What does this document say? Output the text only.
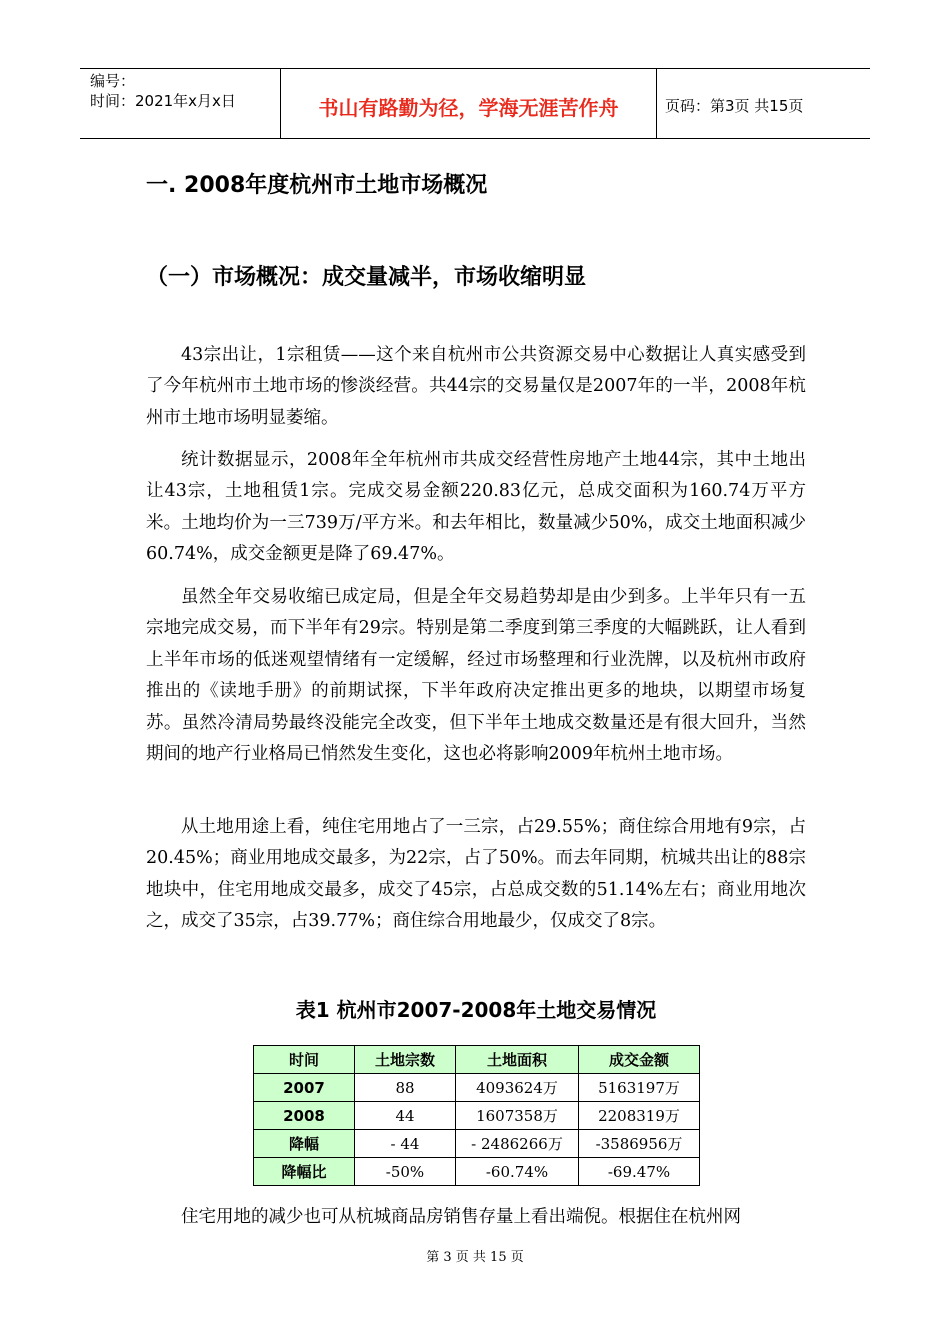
编号：
时间：2021年x月x日	书山有路勤为径，学海无涯苦作舟	页码：第3页 共15页
一. 2008年度杭州市土地市场概况
（一）市场概况：成交量减半，市场收缩明显

43宗出让，1宗租赁——这个来自杭州市公共资源交易中心数据让人真实感受到了今年杭州市土地市场的惨淡经营。共44宗的交易量仅是2007年的一半，2008年杭州市土地市场明显萎缩。

统计数据显示，2008年全年杭州市共成交经营性房地产土地44宗，其中土地出让43宗，土地租赁1宗。完成交易金额220.83亿元，总成交面积为160.74万平方米。土地均价为一三739万/平方米。和去年相比，数量减少50%，成交土地面积减少60.74%，成交金额更是降了69.47%。

虽然全年交易收缩已成定局，但是全年交易趋势却是由少到多。上半年只有一五宗地完成交易，而下半年有29宗。特别是第二季度到第三季度的大幅跳跃，让人看到上半年市场的低迷观望情绪有一定缓解，经过市场整理和行业洗牌，以及杭州市政府推出的《读地手册》的前期试探，下半年政府决定推出更多的地块，以期望市场复苏。虽然冷清局势最终没能完全改变，但下半年土地成交数量还是有很大回升，当然期间的地产行业格局已悄然发生变化，这也必将影响2009年杭州土地市场。

从土地用途上看，纯住宅用地占了一三宗，占29.55%；商住综合用地有9宗，占20.45%；商业用地成交最多，为22宗，占了50%。而去年同期，杭城共出让的88宗地块中，住宅用地成交最多，成交了45宗，占总成交数的51.14%左右；商业用地次之，成交了35宗，占39.77%；商住综合用地最少，仅成交了8宗。

表1 杭州市2007-2008年土地交易情况
时间	土地宗数	土地面积	成交金额
2007	88	4093624万	5163197万
2008	44	1607358万	2208319万
降幅	- 44	- 2486266万	-3586956万
降幅比	-50%	-60.74%	-69.47%

住宅用地的减少也可从杭城商品房销售存量上看出端倪。根据住在杭州网

第 3 页 共 15 页
